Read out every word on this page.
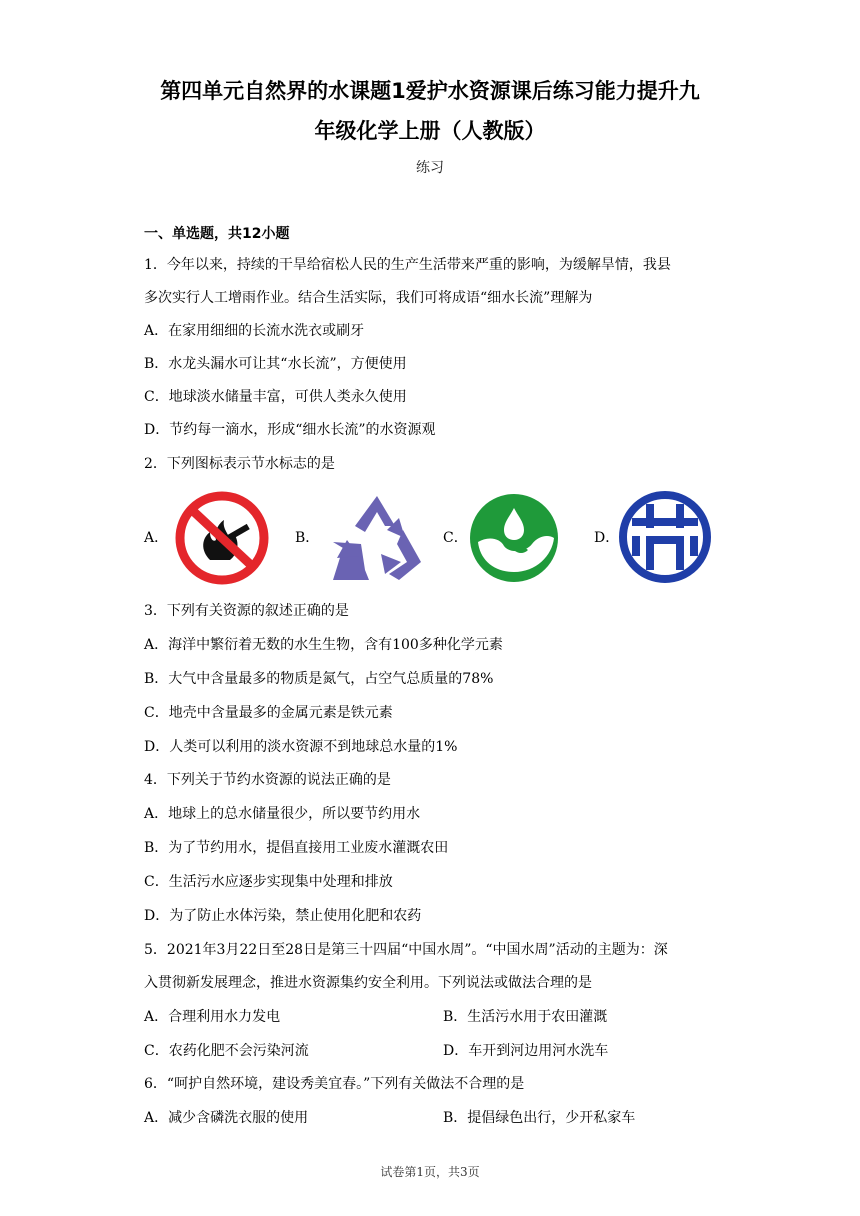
第四单元自然界的水课题1爱护水资源课后练习能力提升九
年级化学上册（人教版）
练习
一、单选题，共12小题
1．今年以来，持续的干旱给宿松人民的生产生活带来严重的影响，为缓解旱情，我县
多次实行人工增雨作业。结合生活实际，我们可将成语“细水长流”理解为
A．在家用细细的长流水洗衣或刷牙
B．水龙头漏水可让其“水长流”，方便使用
C．地球淡水储量丰富，可供人类永久使用
D．节约每一滴水，形成“细水长流”的水资源观
2．下列图标表示节水标志的是
A．	B．	C．	D．
3．下列有关资源的叙述正确的是
A．海洋中繁衍着无数的水生生物，含有100多种化学元素
B．大气中含量最多的物质是氮气，占空气总质量的78%
C．地壳中含量最多的金属元素是铁元素
D．人类可以利用的淡水资源不到地球总水量的1%
4．下列关于节约水资源的说法正确的是
A．地球上的总水储量很少，所以要节约用水
B．为了节约用水，提倡直接用工业废水灌溉农田
C．生活污水应逐步实现集中处理和排放
D．为了防止水体污染，禁止使用化肥和农药
5．2021年3月22日至28日是第三十四届“中国水周”。“中国水周”活动的主题为：深
入贯彻新发展理念，推进水资源集约安全利用。下列说法或做法合理的是
A．合理利用水力发电	B．生活污水用于农田灌溉
C．农药化肥不会污染河流	D．车开到河边用河水洗车
6．“呵护自然环境，建设秀美宜春。”下列有关做法不合理的是
A．减少含磷洗衣服的使用	B．提倡绿色出行，少开私家车
试卷第1页，共3页
